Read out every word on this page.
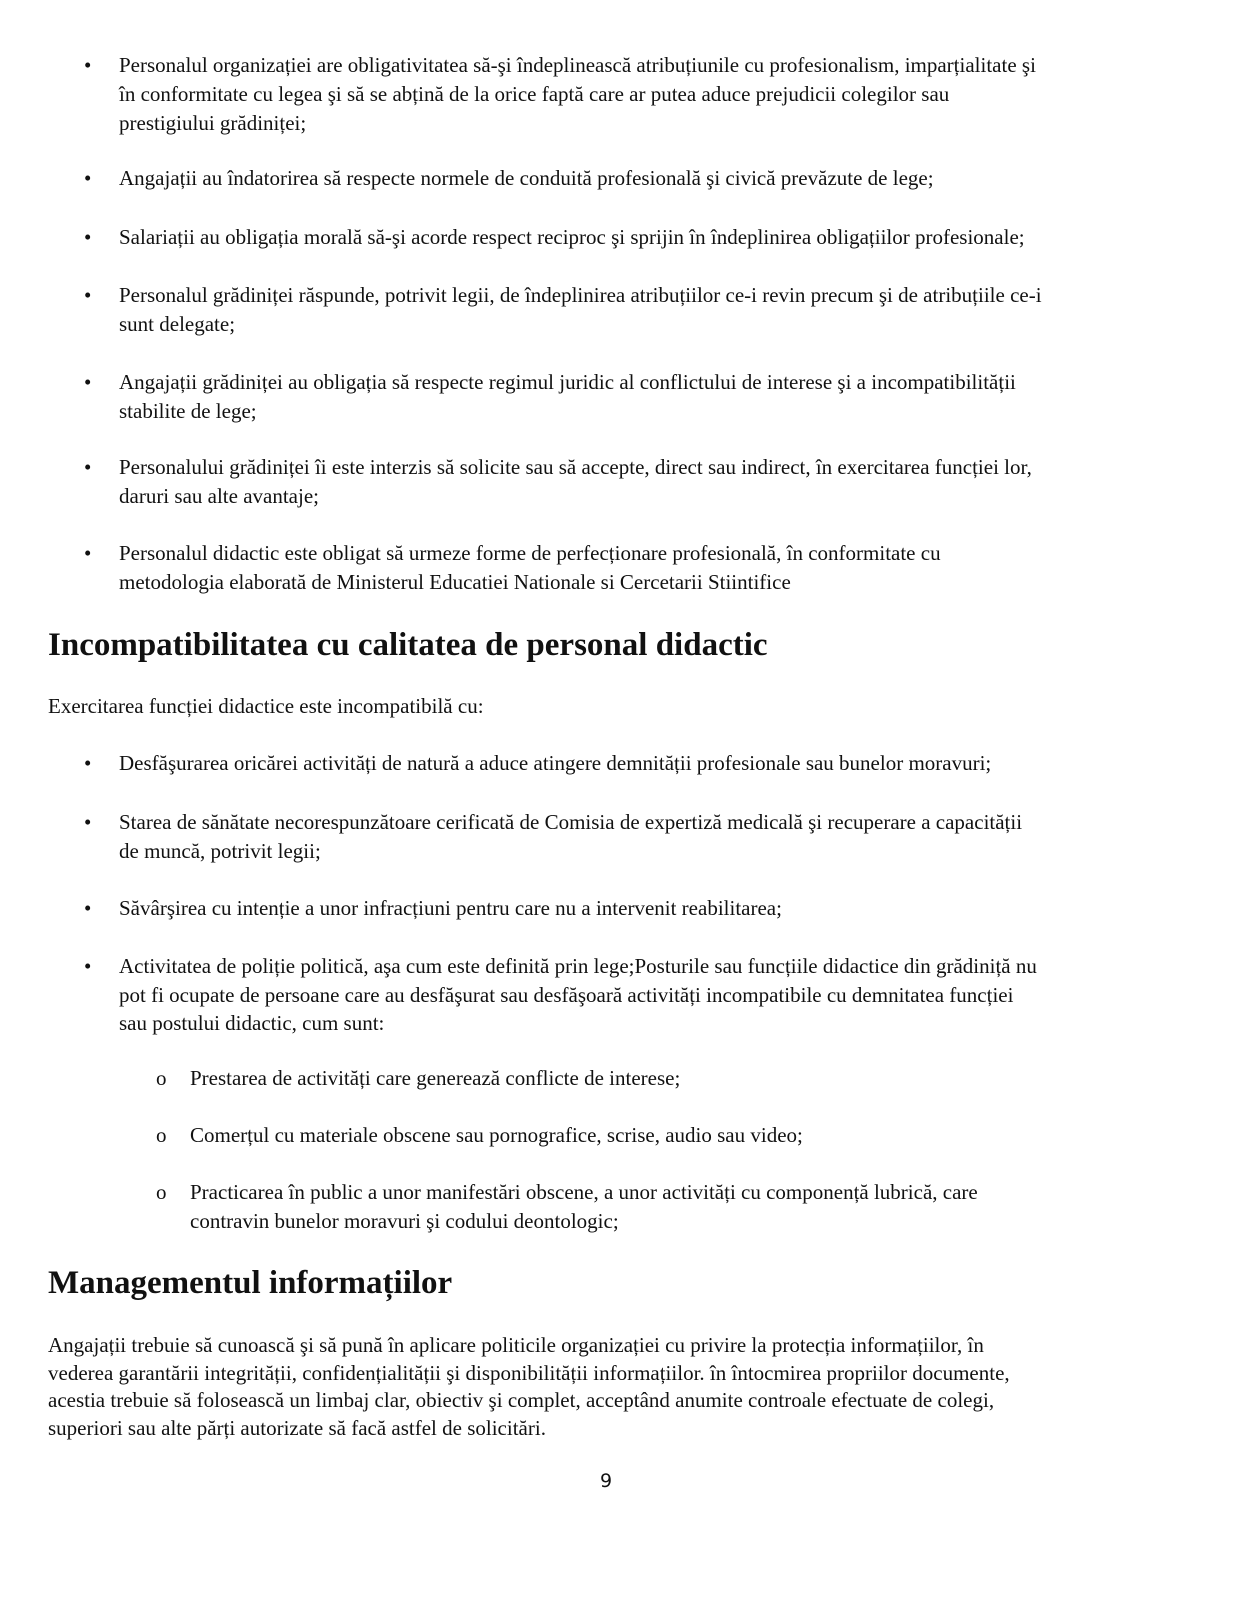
Incompatibilitatea cu calitatea de personal didactic
Exercitarea funcției didactice este incompatibilă cu:
Managementul informațiilor
9
• Personalul organizației are obligativitatea să-şi îndeplinească atribuțiunile cu profesionalism, imparțialitate şi
în conformitate cu legea şi să se abțină de la orice faptă care ar putea aduce prejudicii colegilor sau
prestigiului grădiniței;
• Angajații au îndatorirea să respecte normele de conduită profesională şi civică prevăzute de lege;
• Salariații au obligația morală să-şi acorde respect reciproc şi sprijin în îndeplinirea obligațiilor profesionale;
• Personalul grădiniței răspunde, potrivit legii, de îndeplinirea atribuțiilor ce-i revin precum şi de atribuțiile ce-i
sunt delegate;
• Angajații grădiniței au obligația să respecte regimul juridic al conflictului de interese şi a incompatibilității
stabilite de lege;
• Personalului grădiniței îi este interzis să solicite sau să accepte, direct sau indirect, în exercitarea funcției lor,
daruri sau alte avantaje;
• Personalul didactic este obligat să urmeze forme de perfecționare profesională, în conformitate cu
metodologia elaborată de Ministerul Educatiei Nationale si Cercetarii Stiintifice
• Desfăşurarea oricărei activități de natură a aduce atingere demnității profesionale sau bunelor moravuri;
• Starea de sănătate necorespunzătoare cerificată de Comisia de expertiză medicală şi recuperare a capacității
de muncă, potrivit legii;
• Săvârşirea cu intenție a unor infracțiuni pentru care nu a intervenit reabilitarea;
• Activitatea de poliție politică, aşa cum este definită prin lege;Posturile sau funcțiile didactice din grădiniță nu
pot fi ocupate de persoane care au desfăşurat sau desfăşoară activități incompatibile cu demnitatea funcției
sau postului didactic, cum sunt:
o Prestarea de activități care generează conflicte de interese;
o Comerțul cu materiale obscene sau pornografice, scrise, audio sau video;
o Practicarea în public a unor manifestări obscene, a unor activități cu componență lubrică, care
contravin bunelor moravuri şi codului deontologic;
Angajații trebuie să cunoască şi să pună în aplicare politicile organizației cu privire la protecția informațiilor, în
vederea garantării integrității, confidențialității şi disponibilității informațiilor. în întocmirea propriilor documente,
acestia trebuie să folosească un limbaj clar, obiectiv şi complet, acceptând anumite controale efectuate de colegi,
superiori sau alte părți autorizate să facă astfel de solicitări.
